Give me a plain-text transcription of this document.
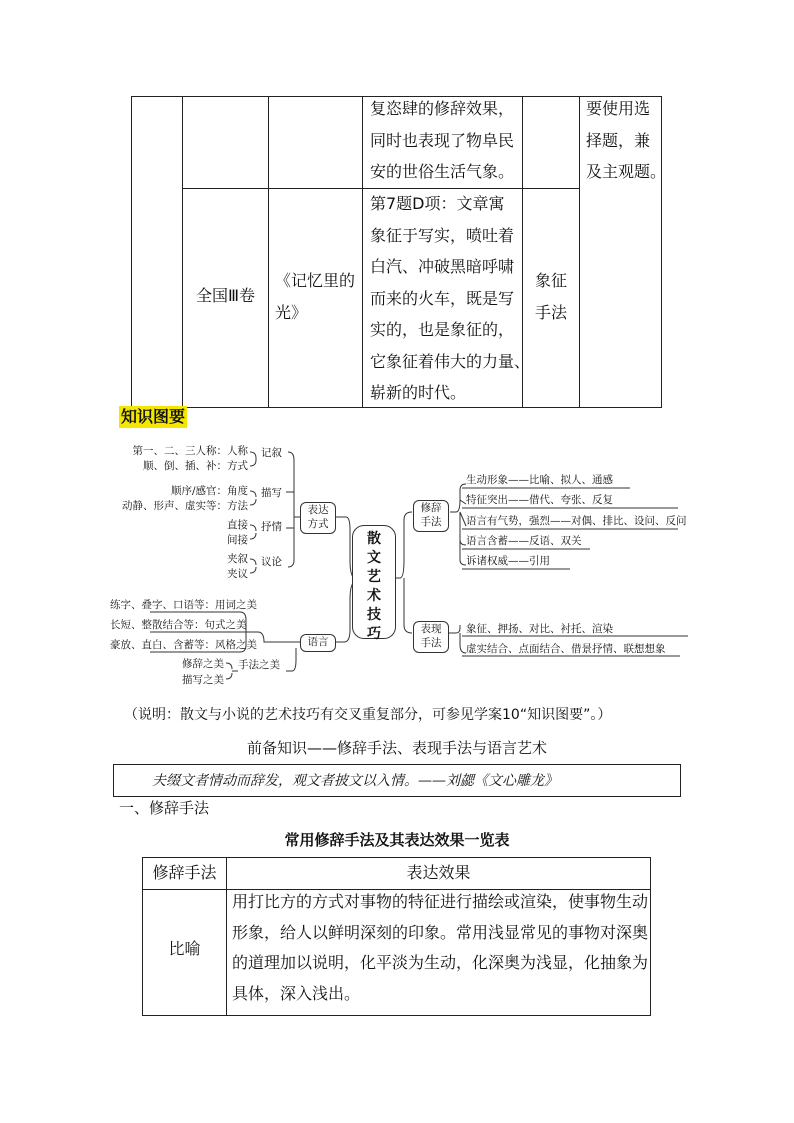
复恣肆的修辞效果，
同时也表现了物阜民
安的世俗生活气象。
要使用选
择题，兼
及主观题。
全国Ⅲ卷
《记忆里的
光》
第7题D项：文章寓
象征于写实，喷吐着
白汽、冲破黑暗呼啸
而来的火车，既是写
实的，也是象征的，
它象征着伟大的力量、
崭新的时代。
象征
手法
知识图要
第一、二、三人称：人称
顺、倒、插、补：方式
记叙
顺序/感官：角度
动静、形声、虚实等：方法
描写
直接
间接
抒情
夹叙
夹议
议论
表达
方式
练字、叠字、口语等：用词之美
长短、整散结合等：句式之美
豪放、直白、含蓄等：风格之美	语言
修辞之美
描写之美
手法之美
散
文
艺
术
技
巧
修辞
手法
生动形象——比喻、拟人、通感
特征突出——借代、夸张、反复
语言有气势，强烈——对偶、排比、设问、反问
语言含蓄——反语、双关
诉诸权威——引用
表现
手法
象征、押扬、对比、衬托、渲染
虚实结合、点面结合、借景抒情、联想想象
（说明：散文与小说的艺术技巧有交叉重复部分，可参见学案10“知识图要”。）
前备知识——修辞手法、表现手法与语言艺术
夫缀文者情动而辞发，观文者披文以入情。——刘勰《文心雕龙》
一、修辞手法
常用修辞手法及其表达效果一览表
修辞手法	表达效果
比喻
用打比方的方式对事物的特征进行描绘或渲染，使事物生动
形象，给人以鲜明深刻的印象。常用浅显常见的事物对深奥
的道理加以说明，化平淡为生动，化深奥为浅显，化抽象为
具体，深入浅出。
